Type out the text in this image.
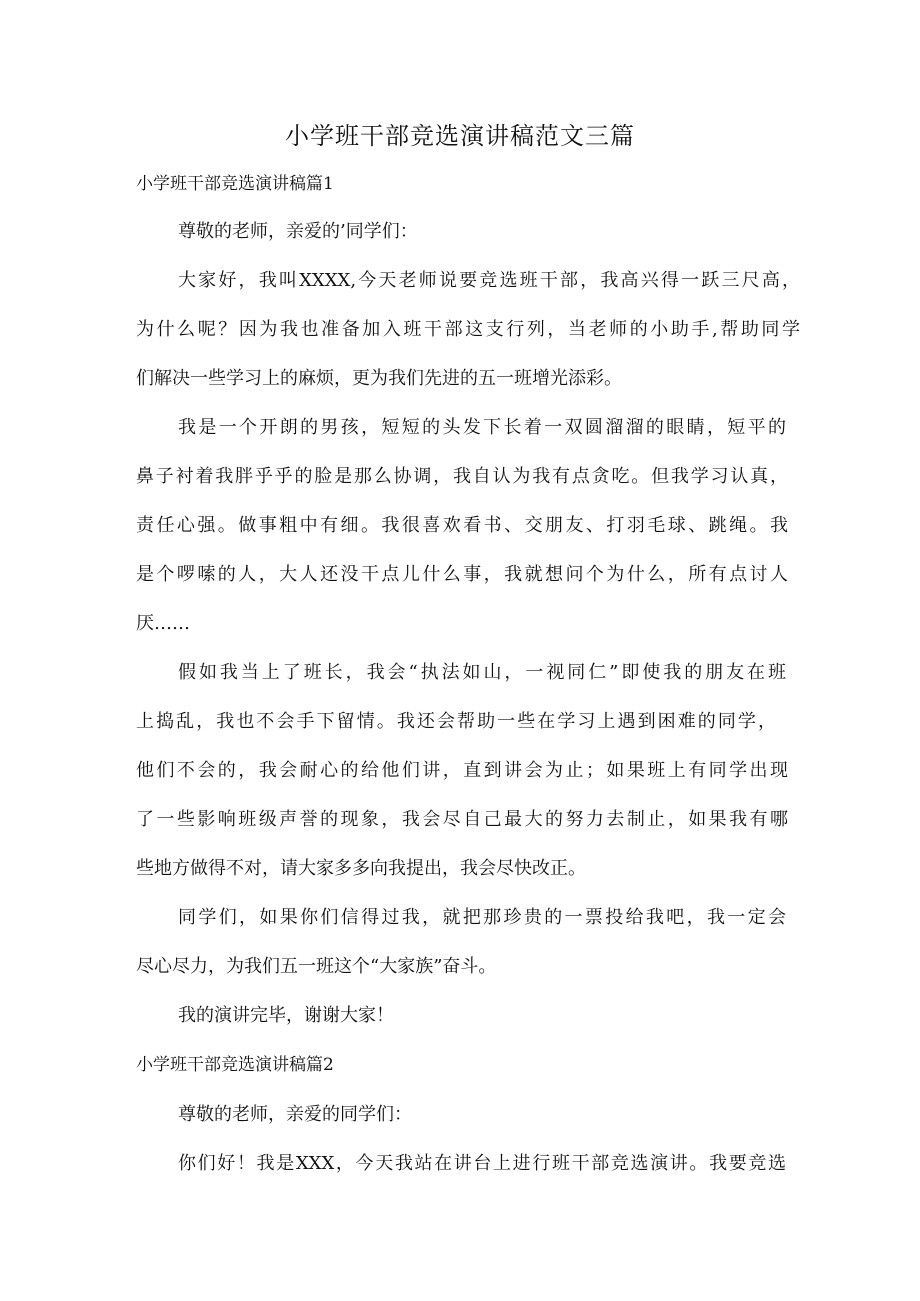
小学班干部竞选演讲稿范文三篇
小学班干部竞选演讲稿篇1
尊敬的老师，亲爱的’同学们：
大家好，我叫XXXX,今天老师说要竞选班干部，我高兴得一跃三尺高，
为什么呢？因为我也准备加入班干部这支行列，当老师的小助手,帮助同学
们解决一些学习上的麻烦，更为我们先进的五一班增光添彩。
我是一个开朗的男孩，短短的头发下长着一双圆溜溜的眼睛，短平的
鼻子衬着我胖乎乎的脸是那么协调，我自认为我有点贪吃。但我学习认真，
责任心强。做事粗中有细。我很喜欢看书、交朋友、打羽毛球、跳绳。我
是个啰嗦的人，大人还没干点儿什么事，我就想问个为什么，所有点讨人
厌……
假如我当上了班长，我会“执法如山，一视同仁”即使我的朋友在班
上捣乱，我也不会手下留情。我还会帮助一些在学习上遇到困难的同学，
他们不会的，我会耐心的给他们讲，直到讲会为止；如果班上有同学出现
了一些影响班级声誉的现象，我会尽自己最大的努力去制止，如果我有哪
些地方做得不对，请大家多多向我提出，我会尽快改正。
同学们，如果你们信得过我，就把那珍贵的一票投给我吧，我一定会
尽心尽力，为我们五一班这个“大家族”奋斗。
我的演讲完毕，谢谢大家！
小学班干部竞选演讲稿篇2
尊敬的老师，亲爱的同学们：
你们好！我是XXX，今天我站在讲台上进行班干部竞选演讲。我要竞选
